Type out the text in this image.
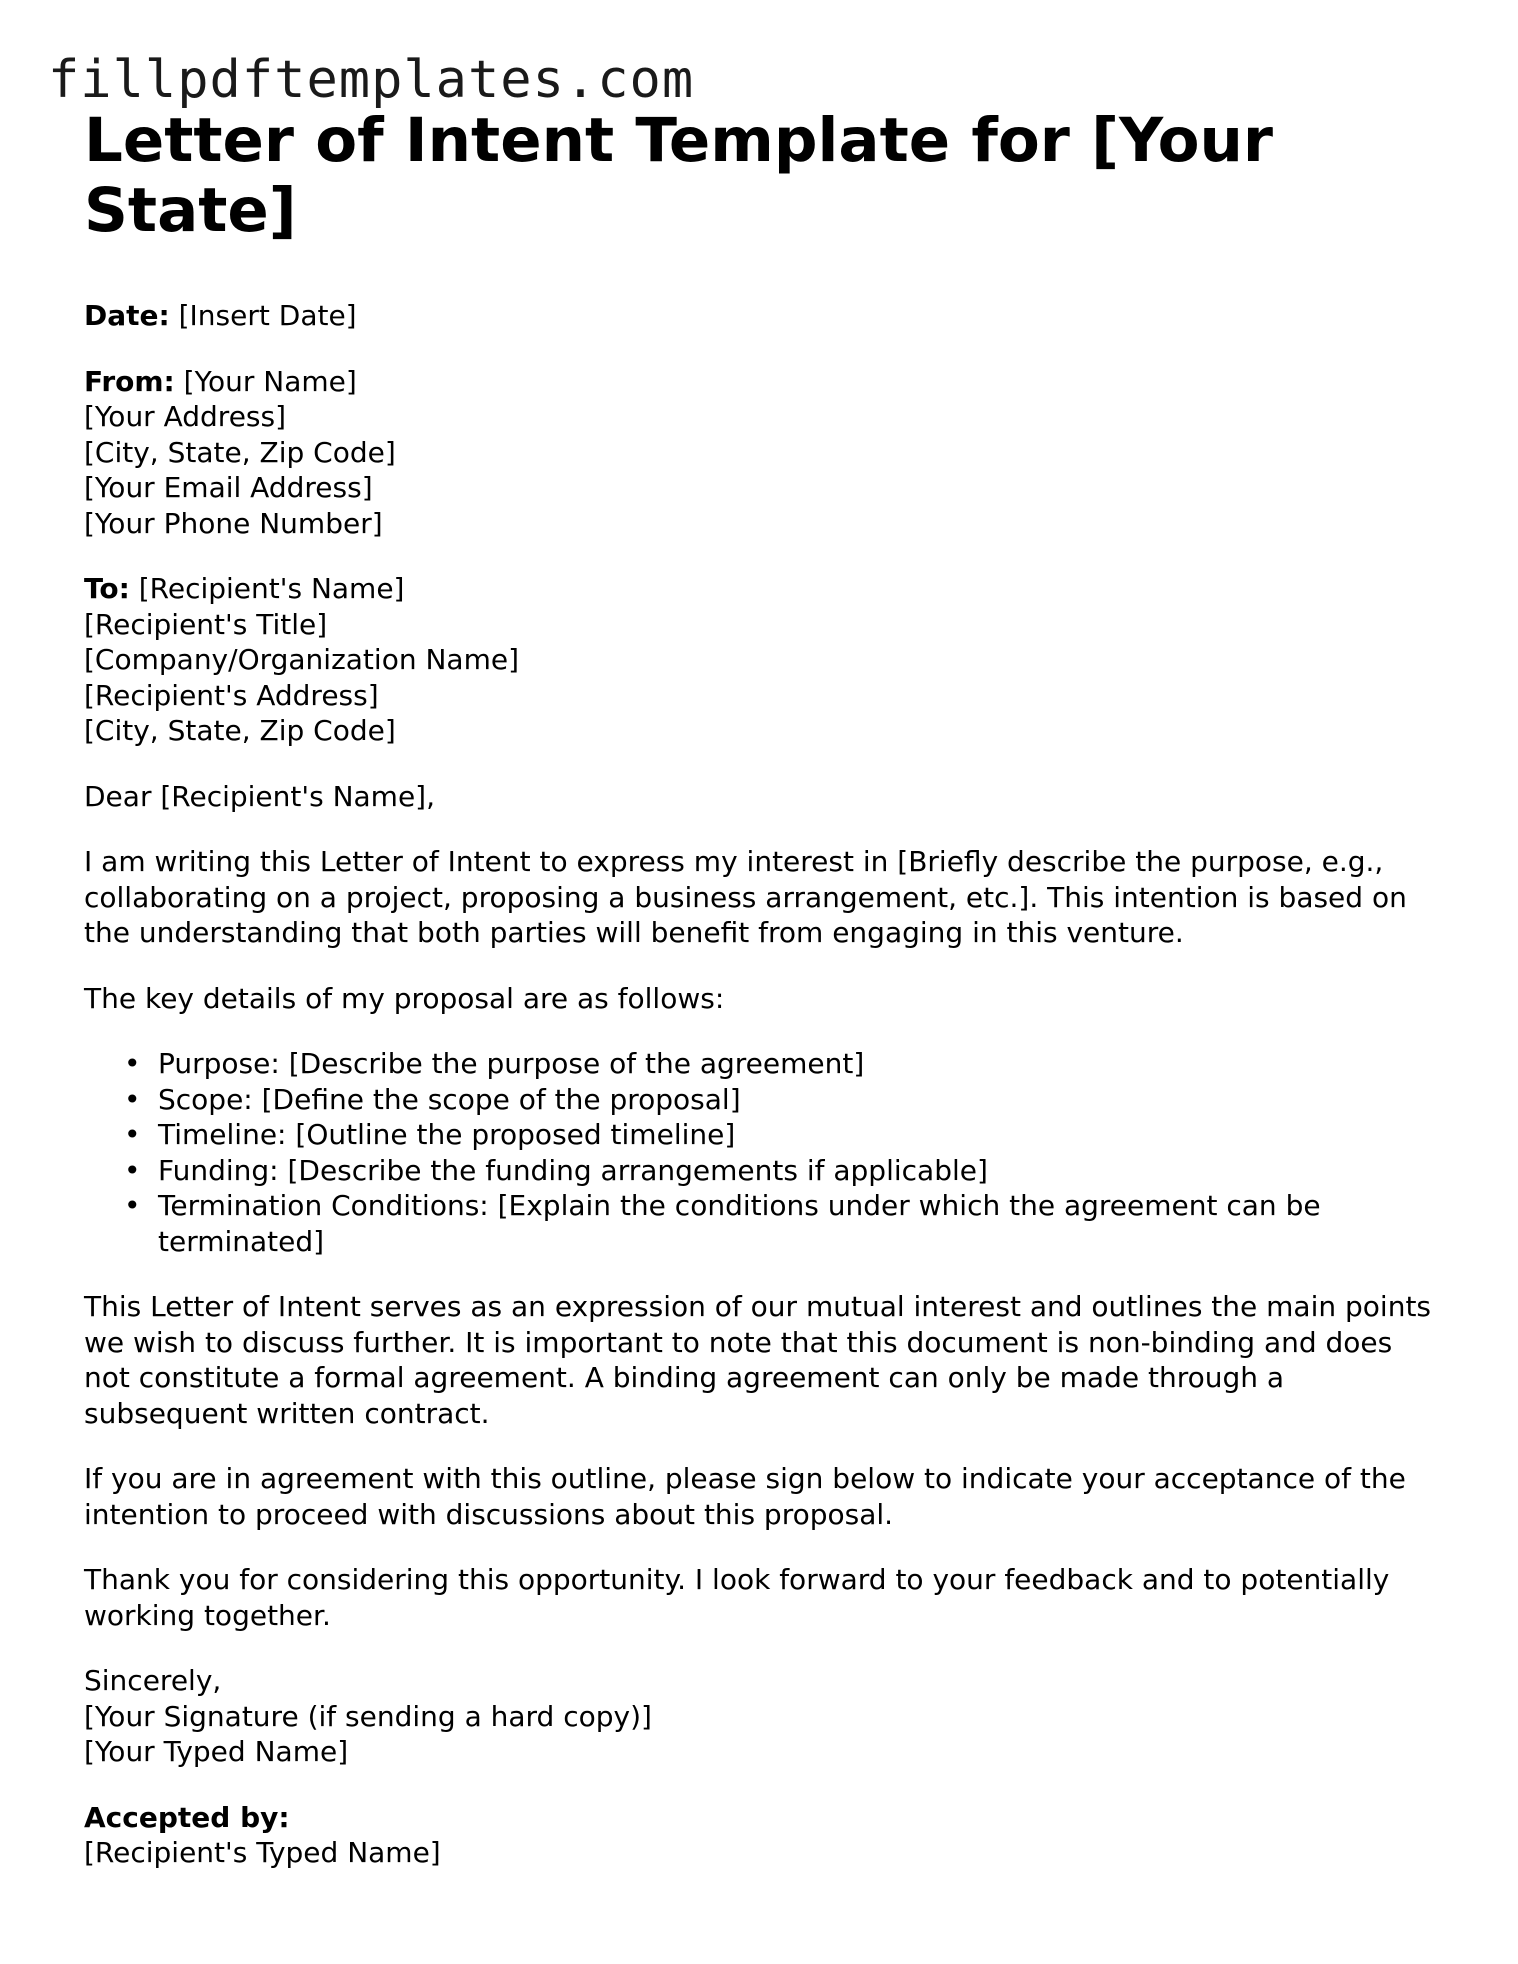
fillpdftemplates.com
Letter of Intent Template for [Your State]
Date: [Insert Date]
From: [Your Name]
[Your Address]
[City, State, Zip Code]
[Your Email Address]
[Your Phone Number]
To: [Recipient's Name]
[Recipient's Title]
[Company/Organization Name]
[Recipient's Address]
[City, State, Zip Code]

Dear [Recipient's Name],

I am writing this Letter of Intent to express my interest in [Briefly describe the purpose, e.g., collaborating on a project, proposing a business arrangement, etc.]. This intention is based on the understanding that both parties will benefit from engaging in this venture.

The key details of my proposal are as follows:

• Purpose: [Describe the purpose of the agreement]
• Scope: [Define the scope of the proposal]
• Timeline: [Outline the proposed timeline]
• Funding: [Describe the funding arrangements if applicable]
• Termination Conditions: [Explain the conditions under which the agreement can be terminated]

This Letter of Intent serves as an expression of our mutual interest and outlines the main points we wish to discuss further. It is important to note that this document is non-binding and does not constitute a formal agreement. A binding agreement can only be made through a subsequent written contract.

If you are in agreement with this outline, please sign below to indicate your acceptance of the intention to proceed with discussions about this proposal.

Thank you for considering this opportunity. I look forward to your feedback and to potentially working together.

Sincerely,
[Your Signature (if sending a hard copy)]
[Your Typed Name]
Accepted by:
[Recipient's Typed Name]
